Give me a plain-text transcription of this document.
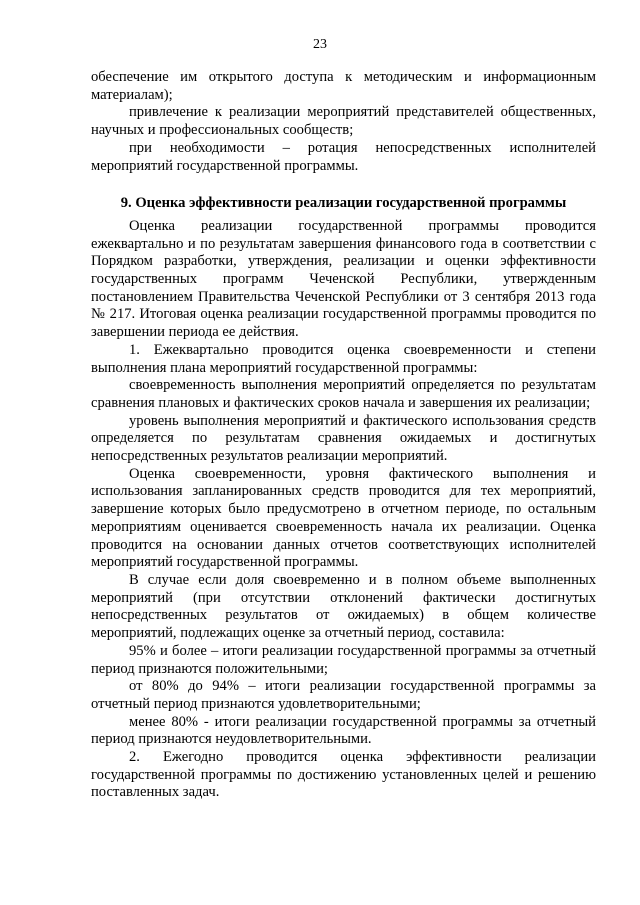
23

обеспечение им открытого доступа к методическим и информационным материалам);

привлечение к реализации мероприятий представителей общественных, научных и профессиональных сообществ;

при необходимости – ротация непосредственных исполнителей мероприятий государственной программы.

9. Оценка эффективности реализации государственной программы

Оценка реализации государственной программы проводится ежеквартально и по результатам завершения финансового года в соответствии с Порядком разработки, утверждения, реализации и оценки эффективности государственных программ Чеченской Республики, утвержденным постановлением Правительства Чеченской Республики от 3 сентября 2013 года № 217. Итоговая оценка реализации государственной программы проводится по завершении периода ее действия.

1. Ежеквартально проводится оценка своевременности и степени выполнения плана мероприятий государственной программы:

своевременность выполнения мероприятий определяется по результатам сравнения плановых и фактических сроков начала и завершения их реализации;

уровень выполнения мероприятий и фактического использования средств определяется по результатам сравнения ожидаемых и достигнутых непосредственных результатов реализации мероприятий.

Оценка своевременности, уровня фактического выполнения и использования запланированных средств проводится для тех мероприятий, завершение которых было предусмотрено в отчетном периоде, по остальным мероприятиям оценивается своевременность начала их реализации. Оценка проводится на основании данных отчетов соответствующих исполнителей мероприятий государственной программы.

В случае если доля своевременно и в полном объеме выполненных мероприятий (при отсутствии отклонений фактически достигнутых непосредственных результатов от ожидаемых) в общем количестве мероприятий, подлежащих оценке за отчетный период, составила:

95% и более – итоги реализации государственной программы за отчетный период признаются положительными;

от 80% до 94% – итоги реализации государственной программы за отчетный период признаются удовлетворительными;

менее 80% - итоги реализации государственной программы за отчетный период признаются неудовлетворительными.

2. Ежегодно проводится оценка эффективности реализации государственной программы по достижению установленных целей и решению поставленных задач.
